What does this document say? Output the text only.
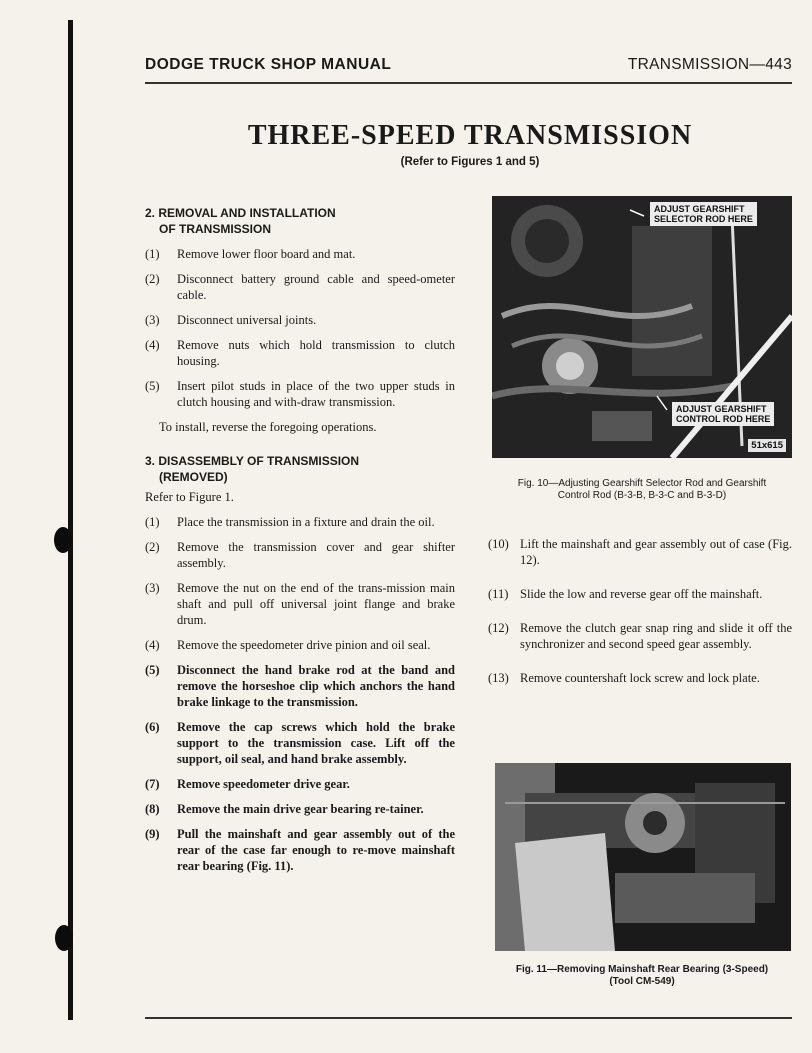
DODGE TRUCK SHOP MANUAL	TRANSMISSION—443
THREE-SPEED TRANSMISSION
(Refer to Figures 1 and 5)

2. REMOVAL AND INSTALLATION
OF TRANSMISSION

(1)	Remove lower floor board and mat.
(2)	Disconnect battery ground cable and speed-ometer cable.
(3)	Disconnect universal joints.
(4)	Remove nuts which hold transmission to clutch housing.
(5)	Insert pilot studs in place of the two upper studs in clutch housing and with-draw transmission.
To install, reverse the foregoing operations.

3. DISASSEMBLY OF TRANSMISSION
(REMOVED)

Refer to Figure 1.
(1)	Place the transmission in a fixture and drain the oil.
(2)	Remove the transmission cover and gear shifter assembly.
(3)	Remove the nut on the end of the trans-mission main shaft and pull off universal joint flange and brake drum.
(4)	Remove the speedometer drive pinion and oil seal.
(5)	Disconnect the hand brake rod at the band and remove the horseshoe clip which anchors the hand brake linkage to the transmission.
(6)	Remove the cap screws which hold the brake support to the transmission case. Lift off the support, oil seal, and hand brake assembly.
(7)	Remove speedometer drive gear.
(8)	Remove the main drive gear bearing re-tainer.
(9)	Pull the mainshaft and gear assembly out of the rear of the case far enough to re-move mainshaft rear bearing (Fig. 11).
ADJUST GEARSHIFT
SELECTOR ROD HERE
ADJUST GEARSHIFT
CONTROL ROD HERE
51x615
Fig. 10—Adjusting Gearshift Selector Rod and Gearshift
Control Rod (B-3-B, B-3-C and B-3-D)
(10) Lift the mainshaft and gear assembly out of case (Fig. 12).
(11) Slide the low and reverse gear off the mainshaft.
(12) Remove the clutch gear snap ring and slide it off the synchronizer and second speed gear assembly.
(13) Remove countershaft lock screw and lock plate.
Fig. 11—Removing Mainshaft Rear Bearing (3-Speed)
(Tool CM-549)
